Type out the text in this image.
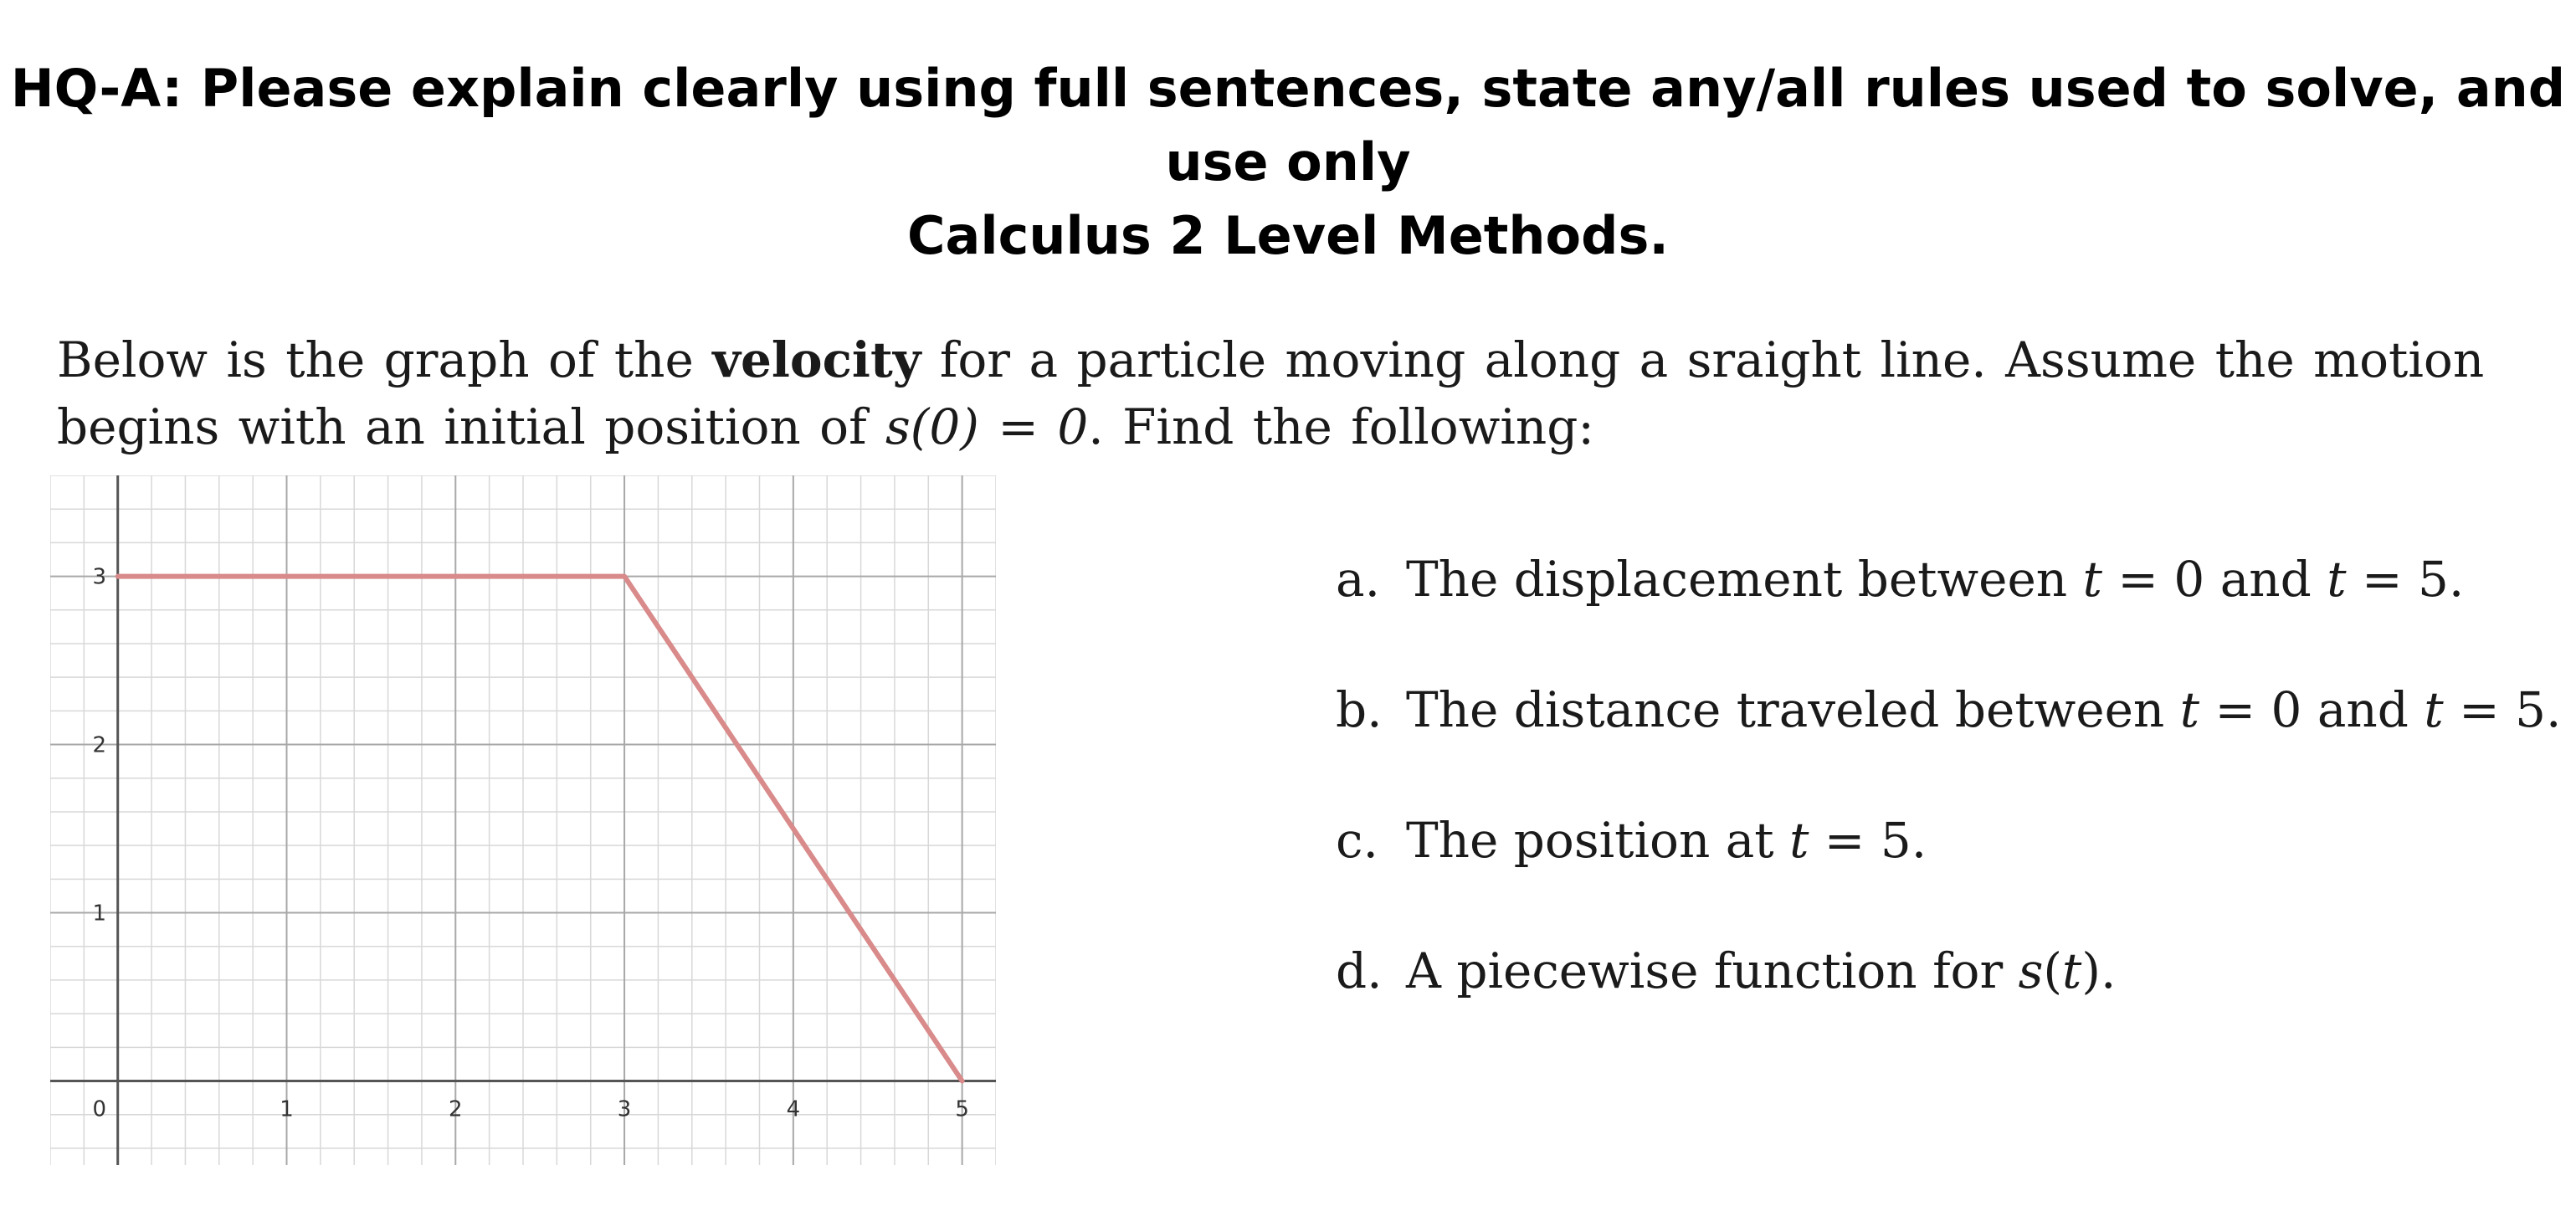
HQ-A: Please explain clearly using full sentences, state any/all rules used to solve, and use only
Calculus 2 Level Methods.
Below is the graph of the velocity for a particle moving along a sraight line. Assume the motion begins with an initial position of s(0) = 0. Find the following:
0	1	2	3	4	5
1
2
3	a. The displacement between t = 0 and t = 5.
b. The distance traveled between t = 0 and t = 5.
c. The position at t = 5.
d. A piecewise function for s(t).
